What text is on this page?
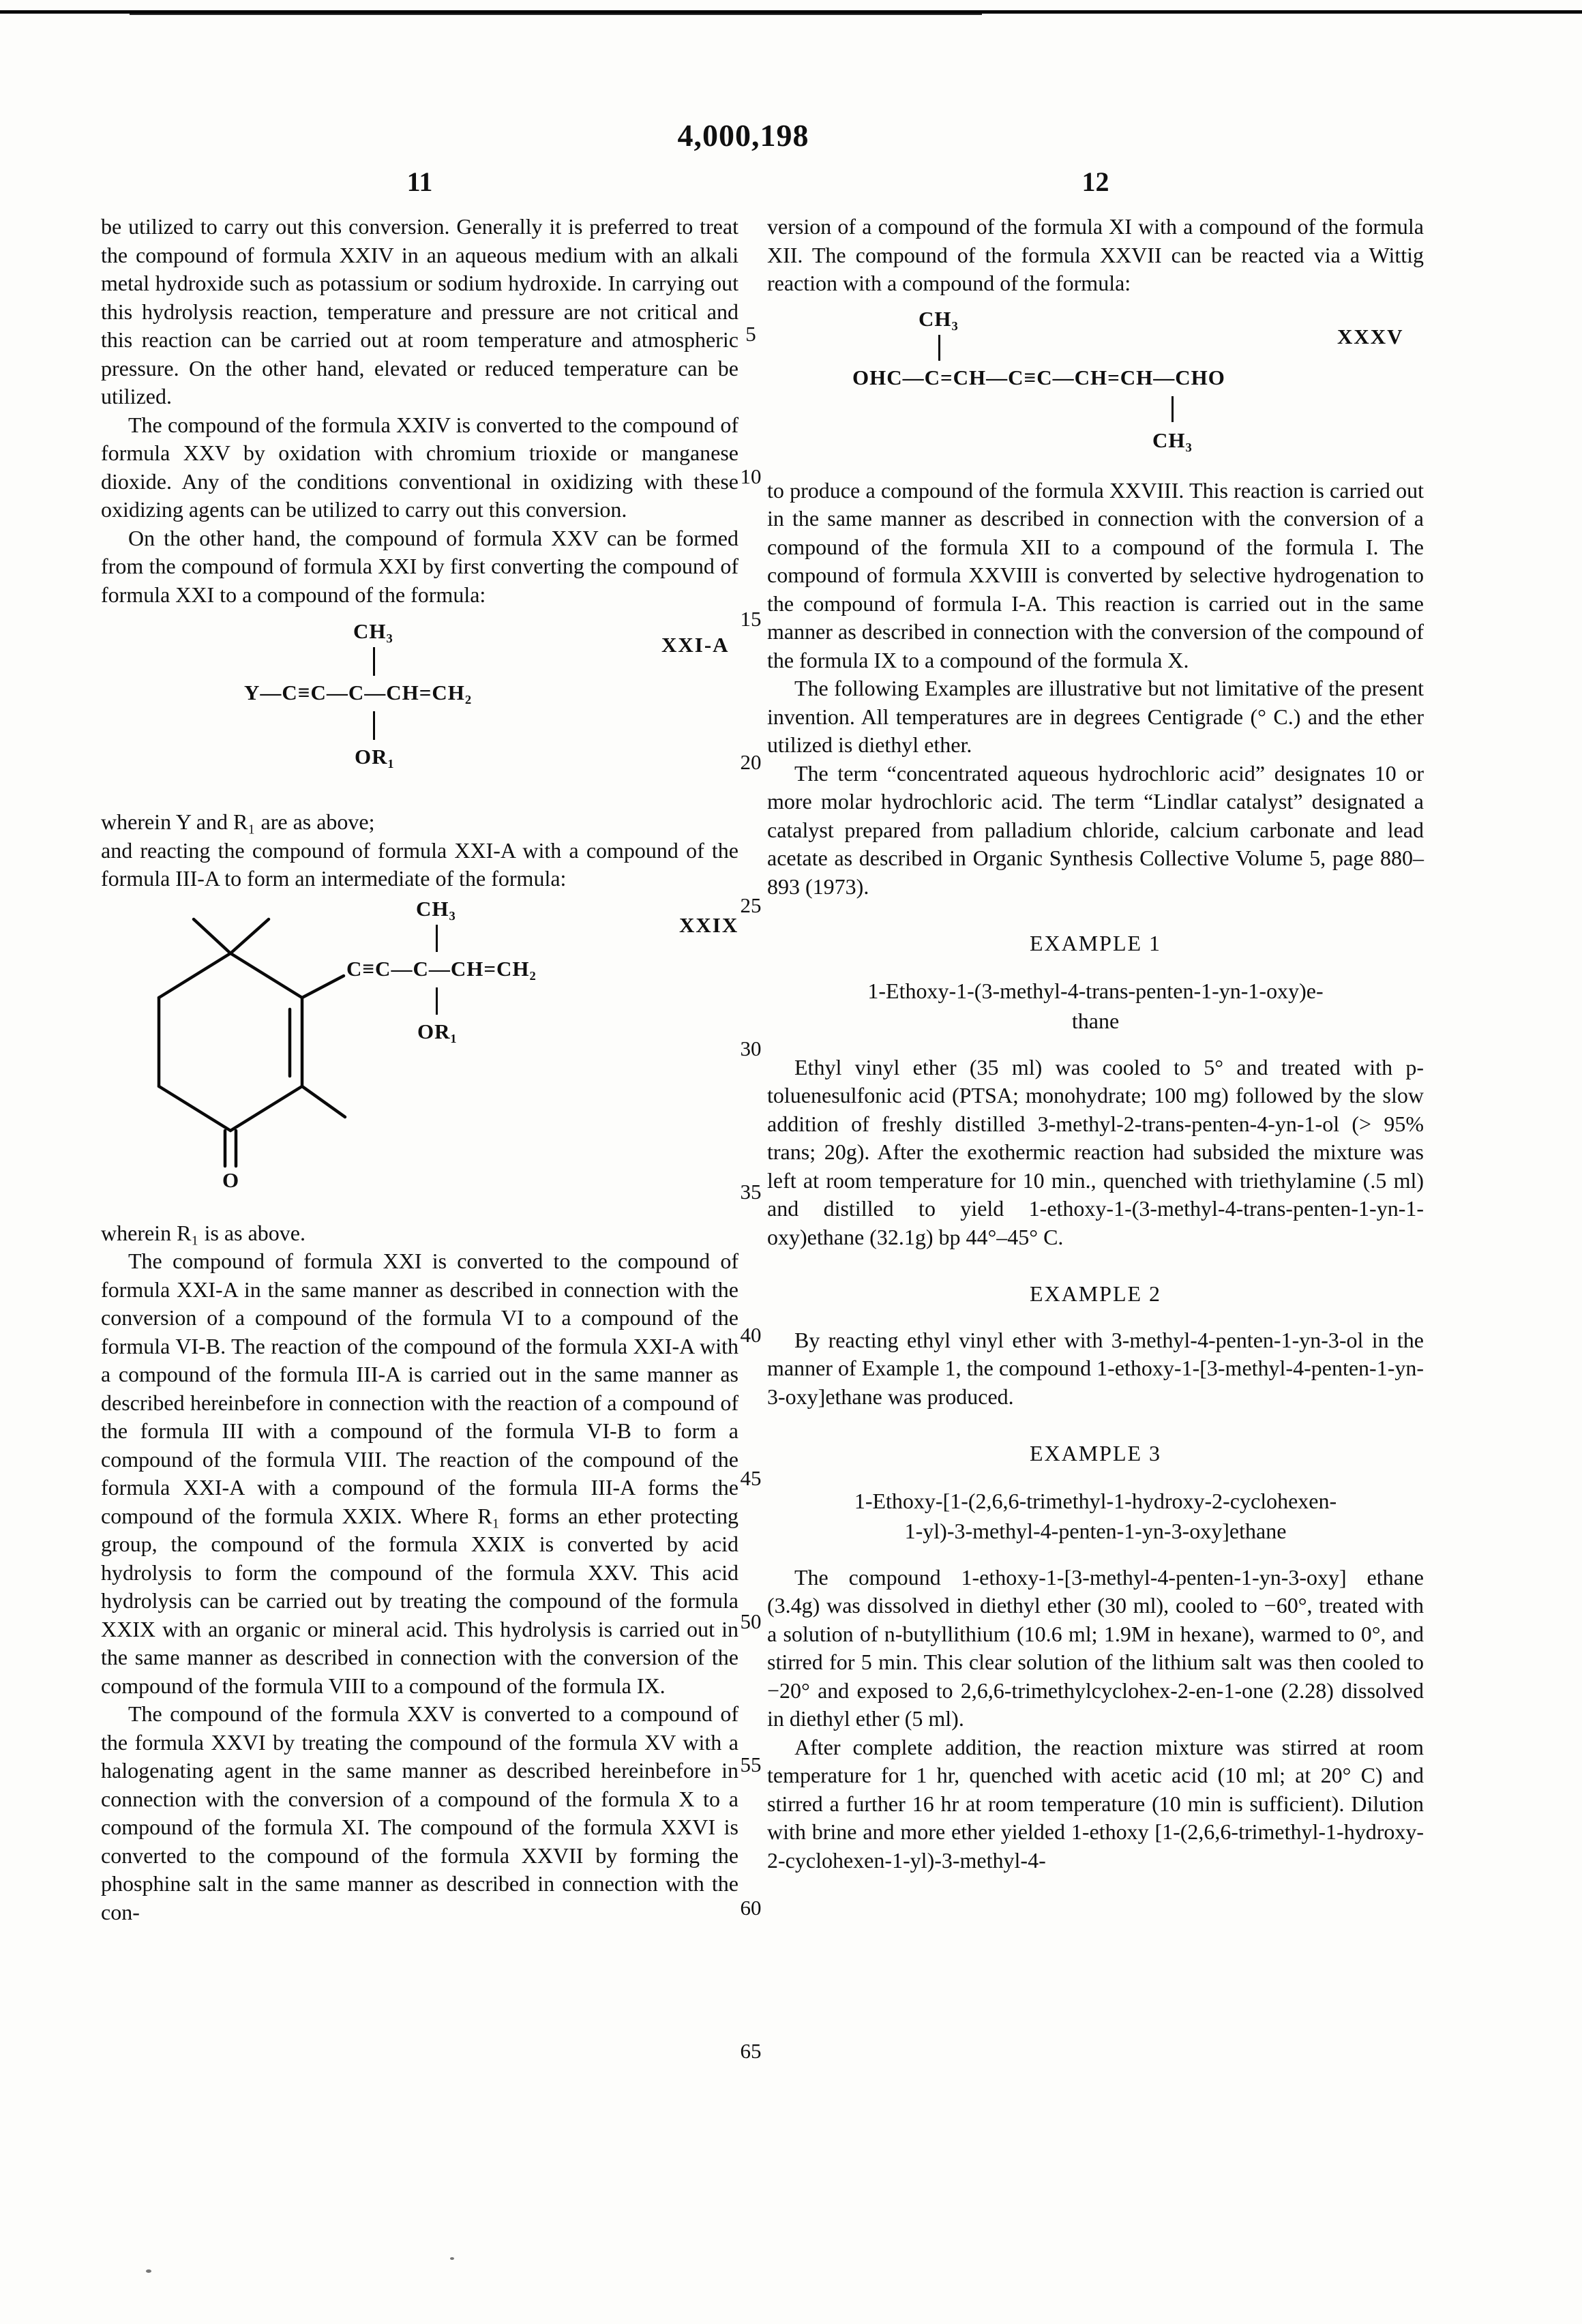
4,000,198
11	12
5
10
15
20
25
30
35
40
45
50
55
60
65

be utilized to carry out this conversion. Generally it is preferred to treat the compound of formula XXIV in an aqueous medium with an alkali metal hydroxide such as potassium or sodium hydroxide. In carrying out this hydrolysis reaction, temperature and pressure are not critical and this reaction can be carried out at room temperature and atmospheric pressure. On the other hand, elevated or reduced temperature can be utilized.

The compound of the formula XXIV is converted to the compound of formula XXV by oxidation with chromium trioxide or manganese dioxide. Any of the conditions conventional in oxidizing with these oxidizing agents can be utilized to carry out this conversion.

On the other hand, the compound of formula XXV can be formed from the compound of formula XXI by first converting the compound of formula XXI to a compound of the formula:

XXI-A
CH₃
Y—C≡C—C—CH=CH₂
OR₁

wherein Y and R₁ are as above;

and reacting the compound of formula XXI-A with a compound of the formula III-A to form an intermediate of the formula:

XXIX
O
CH₃
C≡C—C—CH=CH₂
OR₁

wherein R₁ is as above.

The compound of formula XXI is converted to the compound of formula XXI-A in the same manner as described in connection with the conversion of a compound of the formula VI to a compound of the formula VI-B. The reaction of the compound of the formula XXI-A with a compound of the formula III-A is carried out in the same manner as described hereinbefore in connection with the reaction of a compound of the formula III with a compound of the formula VI-B to form a compound of the formula VIII. The reaction of the compound of the formula XXI-A with a compound of the formula III-A forms the compound of the formula XXIX. Where R₁ forms an ether protecting group, the compound of the formula XXIX is converted by acid hydrolysis to form the compound of the formula XXV. This acid hydrolysis can be carried out by treating the compound of the formula XXIX with an organic or mineral acid. This hydrolysis is carried out in the same manner as described in connection with the conversion of the compound of the formula VIII to a compound of the formula IX.

The compound of the formula XXV is converted to a compound of the formula XXVI by treating the compound of the formula XV with a halogenating agent in the same manner as described hereinbefore in connection with the conversion of a compound of the formula X to a compound of the formula XI. The compound of the formula XXVI is converted to the compound of the formula XXVII by forming the phosphine salt in the same manner as described in connection with the con-

version of a compound of the formula XI with a compound of the formula XII. The compound of the formula XXVII can be reacted via a Wittig reaction with a compound of the formula:

XXXV
CH₃
OHC—C=CH—C≡C—CH=CH—CHO
CH₃

to produce a compound of the formula XXVIII. This reaction is carried out in the same manner as described in connection with the conversion of a compound of the formula XII to a compound of the formula I. The compound of formula XXVIII is converted by selective hydrogenation to the compound of formula I-A. This reaction is carried out in the same manner as described in connection with the conversion of the compound of the formula IX to a compound of the formula X.

The following Examples are illustrative but not limitative of the present invention. All temperatures are in degrees Centigrade (° C.) and the ether utilized is diethyl ether.

The term “concentrated aqueous hydrochloric acid” designates 10 or more molar hydrochloric acid. The term “Lindlar catalyst” designated a catalyst prepared from palladium chloride, calcium carbonate and lead acetate as described in Organic Synthesis Collective Volume 5, page 880–893 (1973).

EXAMPLE 1
1-Ethoxy-1-(3-methyl-4-trans-penten-1-yn-1-oxy)e-
thane

Ethyl vinyl ether (35 ml) was cooled to 5° and treated with p-toluenesulfonic acid (PTSA; monohydrate; 100 mg) followed by the slow addition of freshly distilled 3-methyl-2-trans-penten-4-yn-1-ol (> 95% trans; 20g). After the exothermic reaction had subsided the mixture was left at room temperature for 10 min., quenched with triethylamine (.5 ml) and distilled to yield 1-ethoxy-1-(3-methyl-4-trans-penten-1-yn-1-oxy)ethane (32.1g) bp 44°–45° C.

EXAMPLE 2

By reacting ethyl vinyl ether with 3-methyl-4-penten-1-yn-3-ol in the manner of Example 1, the compound 1-ethoxy-1-[3-methyl-4-penten-1-yn-3-oxy]ethane was produced.

EXAMPLE 3
1-Ethoxy-[1-(2,6,6-trimethyl-1-hydroxy-2-cyclohexen-
1-yl)-3-methyl-4-penten-1-yn-3-oxy]ethane

The compound 1-ethoxy-1-[3-methyl-4-penten-1-yn-3-oxy] ethane (3.4g) was dissolved in diethyl ether (30 ml), cooled to −60°, treated with a solution of n-butyllithium (10.6 ml; 1.9M in hexane), warmed to 0°, and stirred for 5 min. This clear solution of the lithium salt was then cooled to −20° and exposed to 2,6,6-trimethylcyclohex-2-en-1-one (2.28) dissolved in diethyl ether (5 ml).

After complete addition, the reaction mixture was stirred at room temperature for 1 hr, quenched with acetic acid (10 ml; at 20° C) and stirred a further 16 hr at room temperature (10 min is sufficient). Dilution with brine and more ether yielded 1-ethoxy [1-(2,6,6-trimethyl-1-hydroxy-2-cyclohexen-1-yl)-3-methyl-4-
